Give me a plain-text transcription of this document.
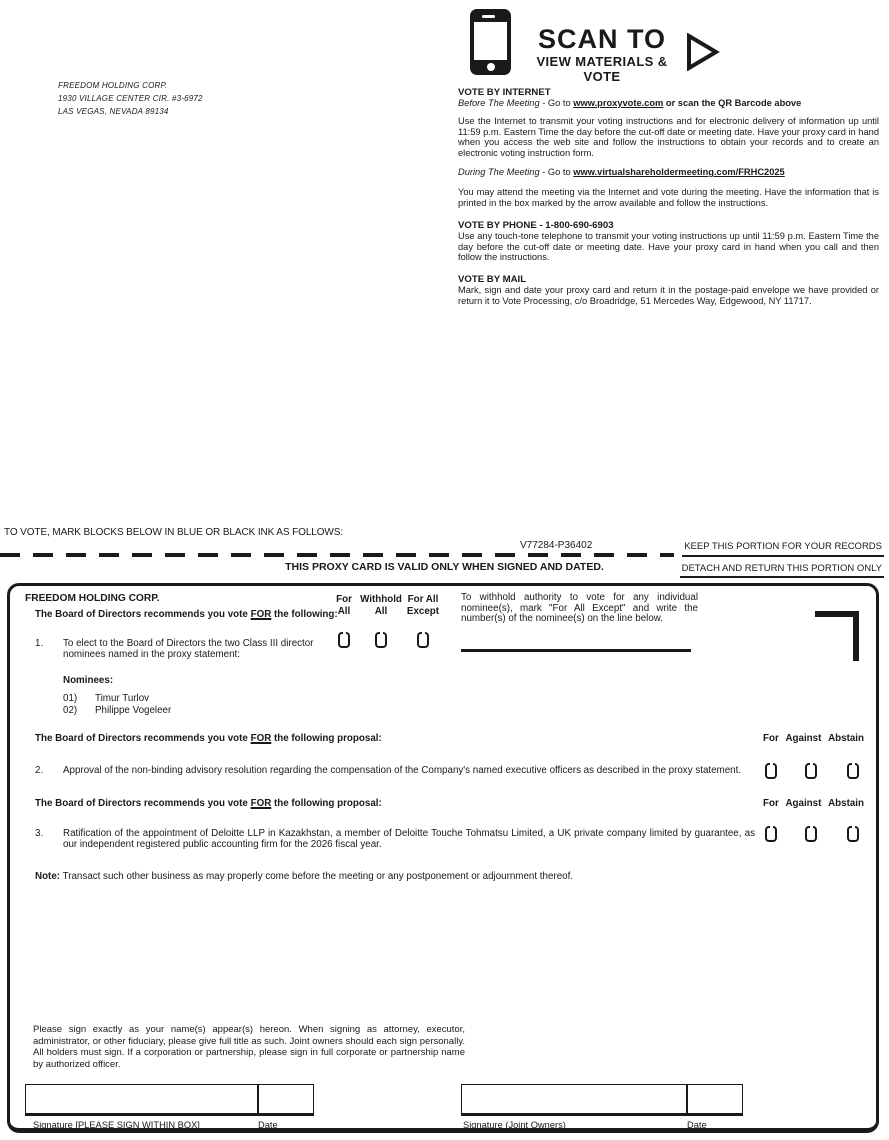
FREEDOM HOLDING CORP.
1930 VILLAGE CENTER CIR. #3-6972
LAS VEGAS, NEVADA 89134
SCAN TO
VIEW MATERIALS & VOTE
VOTE BY INTERNET
Before The Meeting - Go to www.proxyvote.com or scan the QR Barcode above
Use the Internet to transmit your voting instructions and for electronic delivery of information up until 11:59 p.m. Eastern Time the day before the cut-off date or meeting date. Have your proxy card in hand when you access the web site and follow the instructions to obtain your records and to create an electronic voting instruction form.
During The Meeting - Go to www.virtualshareholdermeeting.com/FRHC2025
You may attend the meeting via the Internet and vote during the meeting. Have the information that is printed in the box marked by the arrow available and follow the instructions.
VOTE BY PHONE - 1-800-690-6903
Use any touch-tone telephone to transmit your voting instructions up until 11:59 p.m. Eastern Time the day before the cut-off date or meeting date. Have your proxy card in hand when you call and then follow the instructions.
VOTE BY MAIL
Mark, sign and date your proxy card and return it in the postage-paid envelope we have provided or return it to Vote Processing, c/o Broadridge, 51 Mercedes Way, Edgewood, NY 11717.
TO VOTE, MARK BLOCKS BELOW IN BLUE OR BLACK INK AS FOLLOWS:
V77284-P36402	KEEP THIS PORTION FOR YOUR RECORDS
THIS PROXY CARD IS VALID ONLY WHEN SIGNED AND DATED.	DETACH AND RETURN THIS PORTION ONLY
FREEDOM HOLDING CORP.
The Board of Directors recommends you vote FOR the following:
For
All
Withhold
All
For All
Except
1. To elect to the Board of Directors the two Class III director nominees named in the proxy statement:
Nominees:
01) Timur Turlov
02) Philippe Vogeleer
To withhold authority to vote for any individual nominee(s), mark "For All Except" and write the number(s) of the nominee(s) on the line below.
The Board of Directors recommends you vote FOR the following proposal:	For Against Abstain
2. Approval of the non-binding advisory resolution regarding the compensation of the Company's named executive officers as described in the proxy statement.
The Board of Directors recommends you vote FOR the following proposal:	For Against Abstain
3. Ratification of the appointment of Deloitte LLP in Kazakhstan, a member of Deloitte Touche Tohmatsu Limited, a UK private company limited by guarantee, as our independent registered public accounting firm for the 2026 fiscal year.
Note: Transact such other business as may properly come before the meeting or any postponement or adjournment thereof.
Please sign exactly as your name(s) appear(s) hereon. When signing as attorney, executor, administrator, or other fiduciary, please give full title as such. Joint owners should each sign personally. All holders must sign. If a corporation or partnership, please sign in full corporate or partnership name by authorized officer.
Signature [PLEASE SIGN WITHIN BOX]	Date	Signature (Joint Owners)	Date
